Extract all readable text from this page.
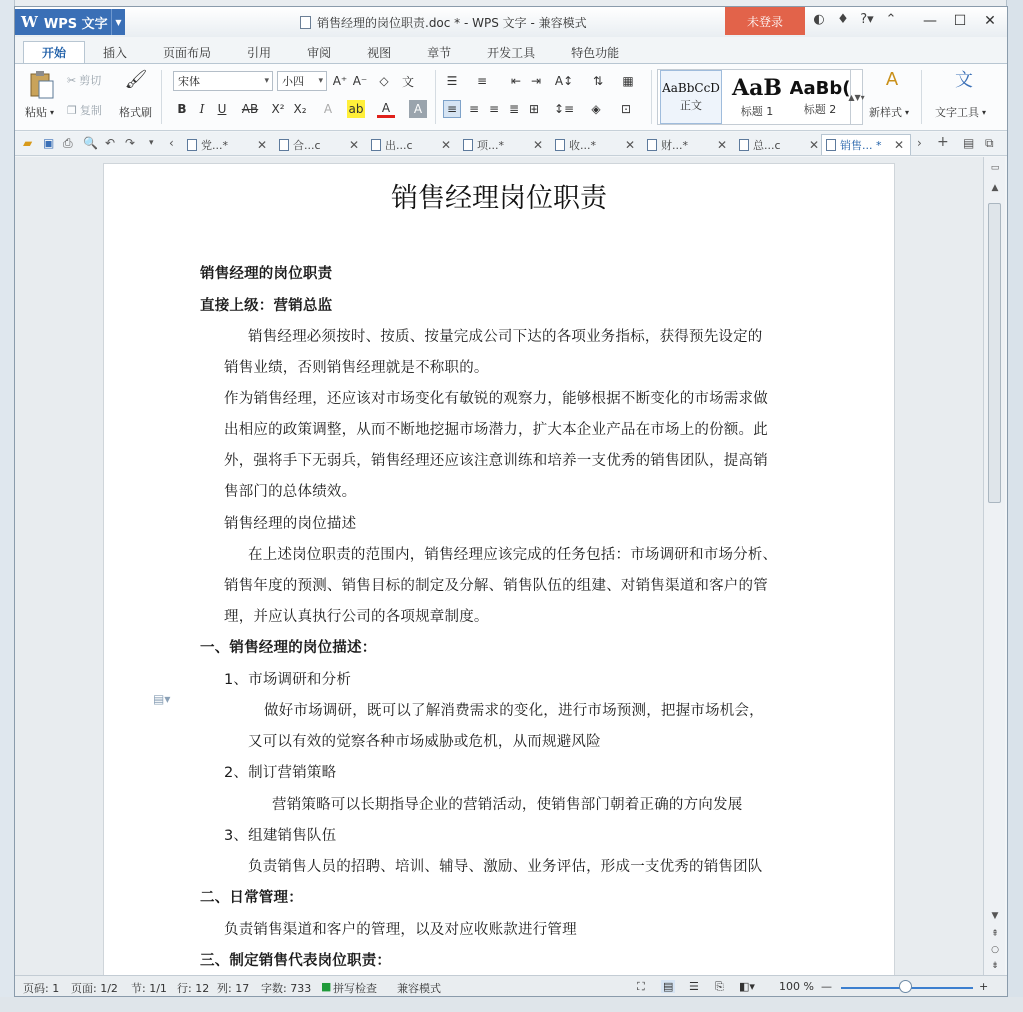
W WPS 文字 ▼	销售经理的岗位职责.doc * - WPS 文字 - 兼容模式	未登录	◐ ♦ ?▾ ⌃	—	☐	✕
开始	插入	页面布局	引用	审阅	视图	章节	开发工具	特色功能
粘贴 ▾
✂ 剪切
❐ 复制
🖌
格式刷
宋体 ▾	小四 ▾	A⁺ A⁻	◇	文
B	I	U	AB X² X₂	A	ab	A	A
☰	≡	⇤ ⇥	A↕	⇅	▦
≡ ≡ ≡ ≣ ⊞	↕≡	◈	⊡
AaBbCcD
正文
AaB
标题 1
AaBb(
标题 2
▲▼▾
A
新样式 ▾
文
文字工具 ▾
▰ ▣ ⎙ 🔍 ↶ ↷ ▾ ‹ 党...* ✕ 合...c ✕ 出...c ✕ 项...* ✕ 收...* ✕ 财...* ✕ 总...c ✕ 销售... * ✕ › + ▤ ⧉
销售经理岗位职责
销售经理的岗位职责
直接上级：营销总监
销售经理必须按时、按质、按量完成公司下达的各项业务指标，获得预先设定的
销售业绩，否则销售经理就是不称职的。
作为销售经理，还应该对市场变化有敏锐的观察力，能够根据不断变化的市场需求做
出相应的政策调整，从而不断地挖掘市场潜力，扩大本企业产品在市场上的份额。此
外，强将手下无弱兵，销售经理还应该注意训练和培养一支优秀的销售团队，提高销
售部门的总体绩效。
销售经理的岗位描述
在上述岗位职责的范围内，销售经理应该完成的任务包括：市场调研和市场分析、
销售年度的预测、销售目标的制定及分解、销售队伍的组建、对销售渠道和客户的管
理，并应认真执行公司的各项规章制度。
一、销售经理的岗位描述：
1、市场调研和分析
做好市场调研，既可以了解消费需求的变化，进行市场预测，把握市场机会，
又可以有效的觉察各种市场威胁或危机，从而规避风险
2、制订营销策略
营销策略可以长期指导企业的营销活动，使销售部门朝着正确的方向发展
3、组建销售队伍
负责销售人员的招聘、培训、辅导、激励、业务评估，形成一支优秀的销售团队
二、日常管理：
负责销售渠道和客户的管理，以及对应收账款进行管理
三、制定销售代表岗位职责：
▤▾
▭
▲
▼
⇞
○
⇟
页码: 1 页面: 1/2 节: 1/1 行: 12 列: 17 字数: 733 ■ 拼写检查 兼容模式	⛶ ▤ ☰ ⎘ ◧▾ 100 % —	+
